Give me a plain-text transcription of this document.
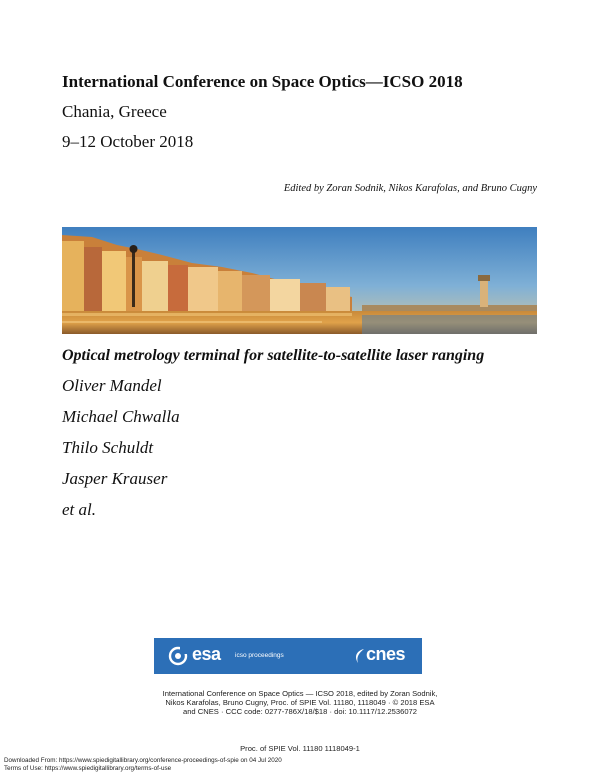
International Conference on Space Optics—ICSO 2018
Chania, Greece
9–12 October 2018
Edited by Zoran Sodnik, Nikos Karafolas, and Bruno Cugny
Optical metrology terminal for satellite-to-satellite laser ranging
Oliver Mandel
Michael Chwalla
Thilo Schuldt
Jasper Krauser
et al.
esa icso proceedings	cnes
International Conference on Space Optics — ICSO 2018, edited by Zoran Sodnik,
Nikos Karafolas, Bruno Cugny, Proc. of SPIE Vol. 11180, 1118049 · © 2018 ESA
and CNES · CCC code: 0277-786X/18/$18 · doi: 10.1117/12.2536072
Proc. of SPIE Vol. 11180 1118049-1
Downloaded From: https://www.spiedigitallibrary.org/conference-proceedings-of-spie on 04 Jul 2020
Terms of Use: https://www.spiedigitallibrary.org/terms-of-use
